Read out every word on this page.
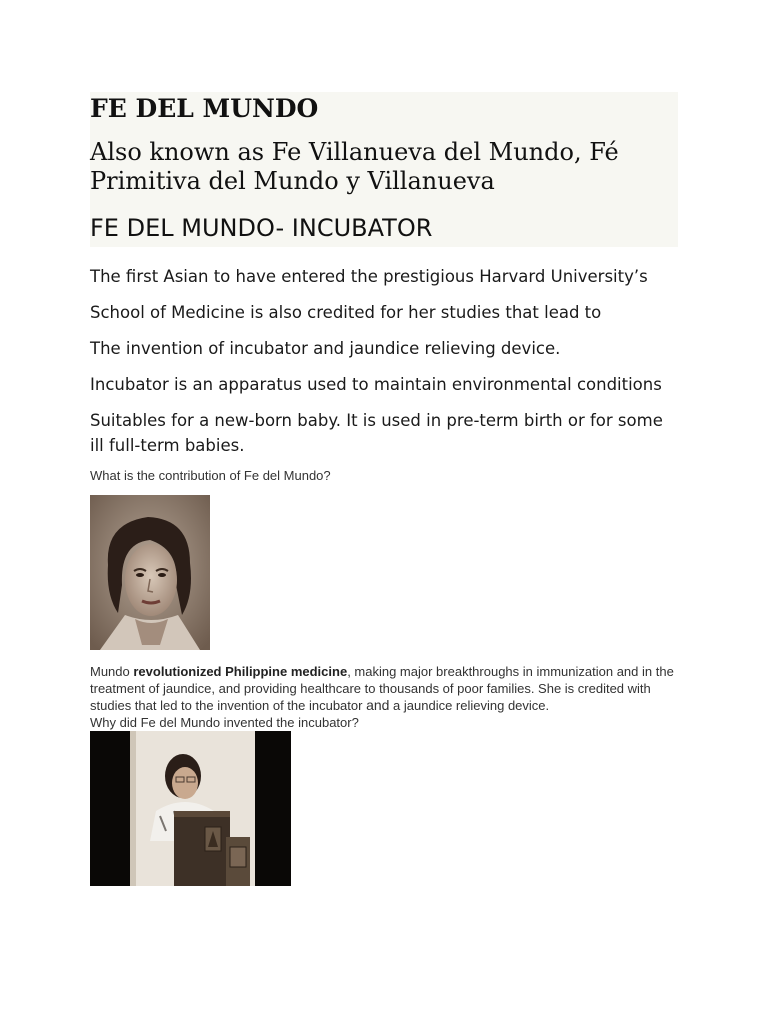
FE DEL MUNDO

Also known as Fe Villanueva del Mundo, Fé Primitiva del Mundo y Villanueva

FE DEL MUNDO- INCUBATOR

The first Asian to have entered the prestigious Harvard University’s

School of Medicine is also credited for her studies that lead to

The invention of incubator and jaundice relieving device.

Incubator is an apparatus used to maintain environmental conditions

Suitables for a new-born baby. It is used in pre-term birth or for some ill full-term babies.

What is the contribution of Fe del Mundo?

Mundo revolutionized Philippine medicine, making major breakthroughs in immunization and in the treatment of jaundice, and providing healthcare to thousands of poor families. She is credited with studies that led to the invention of the incubator and a jaundice relieving device.

Why did Fe del Mundo invented the incubator?
